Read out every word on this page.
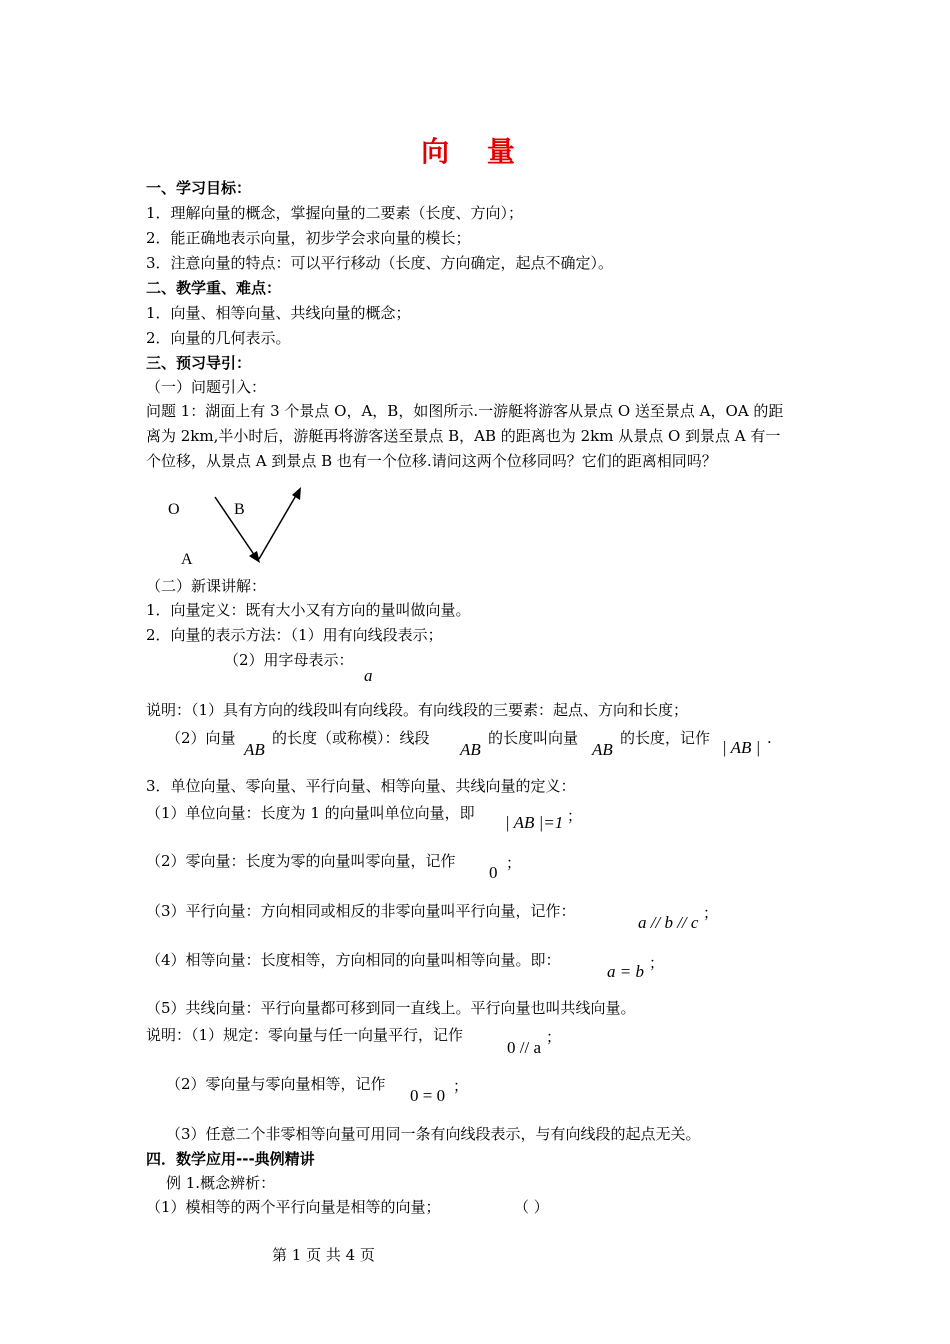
向 量
一、学习目标：
1．理解向量的概念，掌握向量的二要素（长度、方向）；
2．能正确地表示向量，初步学会求向量的模长；
3．注意向量的特点：可以平行移动（长度、方向确定，起点不确定）。
二、教学重、难点：
1．向量、相等向量、共线向量的概念；
2．向量的几何表示。
三、预习导引：
（一）问题引入：
问题 1：湖面上有 3 个景点 O，A，B，如图所示.一游艇将游客从景点 O 送至景点 A，OA 的距
离为 2km,半小时后，游艇再将游客送至景点 B，AB 的距离也为 2km 从景点 O 到景点 A 有一
个位移，从景点 A 到景点 B 也有一个位移.请问这两个位移同吗？它们的距离相同吗？
O	B
A
（二）新课讲解：
1．向量定义：既有大小又有方向的量叫做向量。
2．向量的表示方法：（1）用有向线段表示；
（2）用字母表示：
a
说明：（1）具有方向的线段叫有向线段。有向线段的三要素：起点、方向和长度；
（2）向量
AB
的长度（或称模）：线段
AB
的长度叫向量
AB
的长度，记作 | AB | .
3．单位向量、零向量、平行向量、相等向量、共线向量的定义：
（1）单位向量：长度为 1 的向量叫单位向量，即 | AB |=1 ；
（2）零向量：长度为零的向量叫零向量，记作
0 ；
（3）平行向量：方向相同或相反的非零向量叫平行向量，记作：
a // b // c ；
（4）相等向量：长度相等，方向相同的向量叫相等向量。即：
a = b ；
（5）共线向量：平行向量都可移到同一直线上。平行向量也叫共线向量。
说明：（1）规定：零向量与任一向量平行，记作
0 // a
；
（2）零向量与零向量相等，记作
0 = 0 ；
（3）任意二个非零相等向量可用同一条有向线段表示，与有向线段的起点无关。
四．数学应用---典例精讲
例 1.概念辨析：
（1）模相等的两个平行向量是相等的向量；	（ ）
第 1 页 共 4 页
